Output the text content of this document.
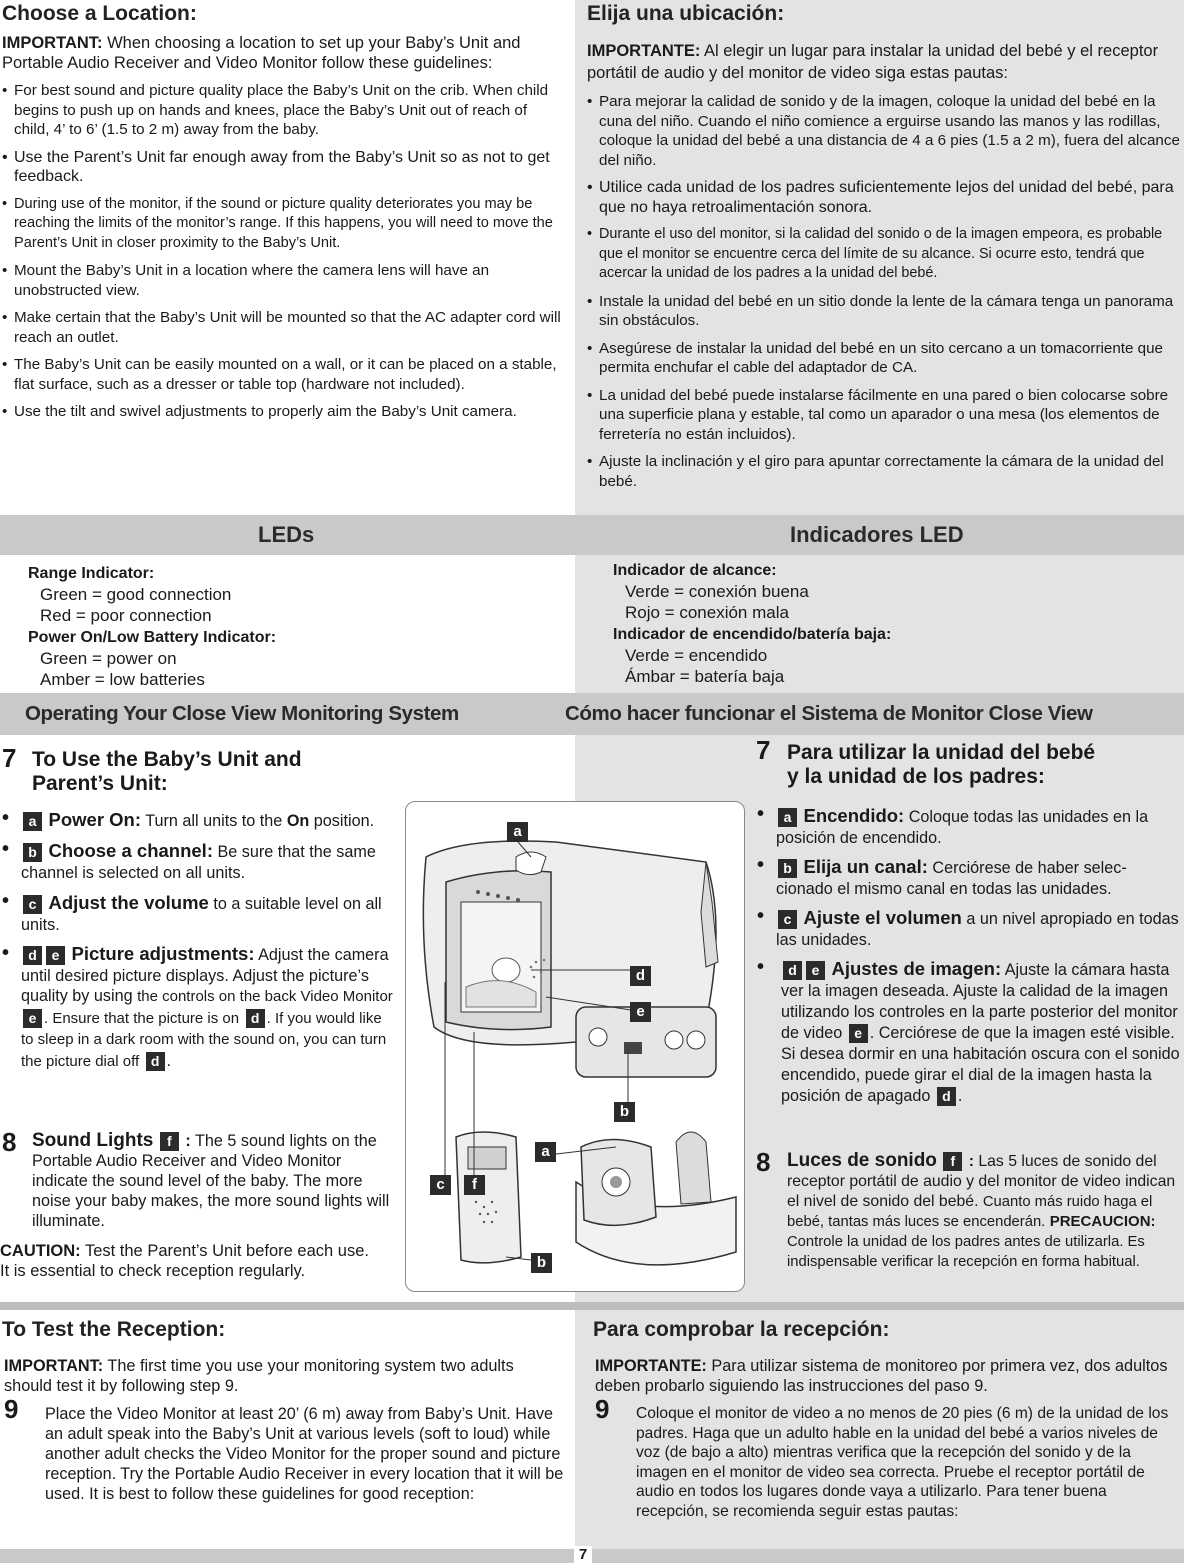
Choose a Location:

IMPORTANT: When choosing a location to set up your Baby’s Unit and Portable Audio Receiver and Video Monitor follow these guidelines:

• For best sound and picture quality place the Baby’s Unit on the crib. When child begins to push up on hands and knees, place the Baby’s Unit out of reach of child, 4’ to 6’ (1.5 to 2 m) away from the baby.
• Use the Parent’s Unit far enough away from the Baby’s Unit so as not to get feedback.
• During use of the monitor, if the sound or picture quality deteriorates you may be reaching the limits of the monitor’s range. If this happens, you will need to move the Parent’s Unit in closer proximity to the Baby’s Unit.
• Mount the Baby’s Unit in a location where the camera lens will have an unobstructed view.
• Make certain that the Baby’s Unit will be mounted so that the AC adapter cord will reach an outlet.
• The Baby’s Unit can be easily mounted on a wall, or it can be placed on a stable, flat surface, such as a dresser or table top (hardware not included).
• Use the tilt and swivel adjustments to properly aim the Baby’s Unit camera.
Elija una ubicación:

IMPORTANTE: Al elegir un lugar para instalar la unidad del bebé y el receptor portátil de audio y del monitor de video siga estas pautas:

• Para mejorar la calidad de sonido y de la imagen, coloque la unidad del bebé en la cuna del niño. Cuando el niño comience a erguirse usando las manos y las rodillas, coloque la unidad del bebé a una distancia de 4 a 6 pies (1.5 a 2 m), fuera del alcance del niño.
• Utilice cada unidad de los padres suficientemente lejos del unidad del bebé, para que no haya retroalimentación sonora.
• Durante el uso del monitor, si la calidad del sonido o de la imagen empeora, es probable que el monitor se encuentre cerca del límite de su alcance. Si ocurre esto, tendrá que acercar la unidad de los padres a la unidad del bebé.
• Instale la unidad del bebé en un sitio donde la lente de la cámara tenga un panorama sin obstáculos.
• Asegúrese de instalar la unidad del bebé en un sito cercano a un tomacorriente que permita enchufar el cable del adaptador de CA.
• La unidad del bebé puede instalarse fácilmente en una pared o bien colocarse sobre una superficie plana y estable, tal como un aparador o una mesa (los elementos de ferretería no están incluidos).
• Ajuste la inclinación y el giro para apuntar correctamente la cámara de la unidad del bebé.
LEDs	Indicadores LED
Range Indicator:
Green = good connection
Red = poor connection
Power On/Low Battery Indicator:
Green = power on
Amber = low batteries
Indicador de alcance:
Verde = conexión buena
Rojo = conexión mala
Indicador de encendido/batería baja:
Verde = encendido
Ámbar = batería baja
Operating Your Close View Monitoring System	Cómo hacer funcionar el Sistema de Monitor Close View
7 To Use the Baby’s Unit and
Parent’s Unit:
• a Power On: Turn all units to the On position.
• b Choose a channel: Be sure that the same channel is selected on all units.
• c Adjust the volume to a suitable level on all units.
• d e Picture adjustments: Adjust the camera until desired picture displays. Adjust the picture’s quality by using the controls on the back Video Monitor e . Ensure that the picture is on d . If you would like to sleep in a dark room with the sound on, you can turn the picture dial off d .
8 Sound Lights f : The 5 sound lights on the Portable Audio Receiver and Video Monitor indicate the sound level of the baby. The more noise your baby makes, the more sound lights will illuminate.

CAUTION: Test the Parent’s Unit before each use. It is essential to check reception regularly.

a
d
e
c	f
b
a
b
7 Para utilizar la unidad del bebé
y la unidad de los padres:
• a Encendido: Coloque todas las unidades en la posición de encendido.
• b Elija un canal: Cerciórese de haber selec- cionado el mismo canal en todas las unidades.
• c Ajuste el volumen a un nivel apropiado en todas las unidades.
• d e Ajustes de imagen: Ajuste la cámara hasta ver la imagen deseada. Ajuste la calidad de la imagen utilizando los controles en la parte posterior del monitor de video e . Cerciórese de que la imagen esté visible. Si desea dormir en una habitación oscura con el sonido encendido, puede girar el dial de la imagen hasta la posición de apagado d .
8 Luces de sonido f : Las 5 luces de sonido del receptor portátil de audio y del monitor de video indican el nivel de sonido del bebé. Cuanto más ruido haga el bebé, tantas más luces se encenderán. PRECAUCION: Controle la unidad de los padres antes de utilizarla. Es indispensable verificar la recepción en forma habitual.
To Test the Reception:

IMPORTANT: The first time you use your monitoring system two adults should test it by following step 9.

9 Place the Video Monitor at least 20’ (6 m) away from Baby’s Unit. Have an adult speak into the Baby’s Unit at various levels (soft to loud) while another adult checks the Video Monitor for the proper sound and picture reception. Try the Portable Audio Receiver in every location that it will be used. It is best to follow these guidelines for good reception:

Para comprobar la recepción:

IMPORTANTE: Para utilizar sistema de monitoreo por primera vez, dos adultos deben probarlo siguiendo las instrucciones del paso 9.

9 Coloque el monitor de video a no menos de 20 pies (6 m) de la unidad de los padres. Haga que un adulto hable en la unidad del bebé a varios niveles de voz (de bajo a alto) mientras verifica que la recepción del sonido y de la imagen en el monitor de video sea correcta. Pruebe el receptor portátil de audio en todos los lugares donde vaya a utilizarlo. Para tener buena recepción, se recomienda seguir estas pautas:

7
